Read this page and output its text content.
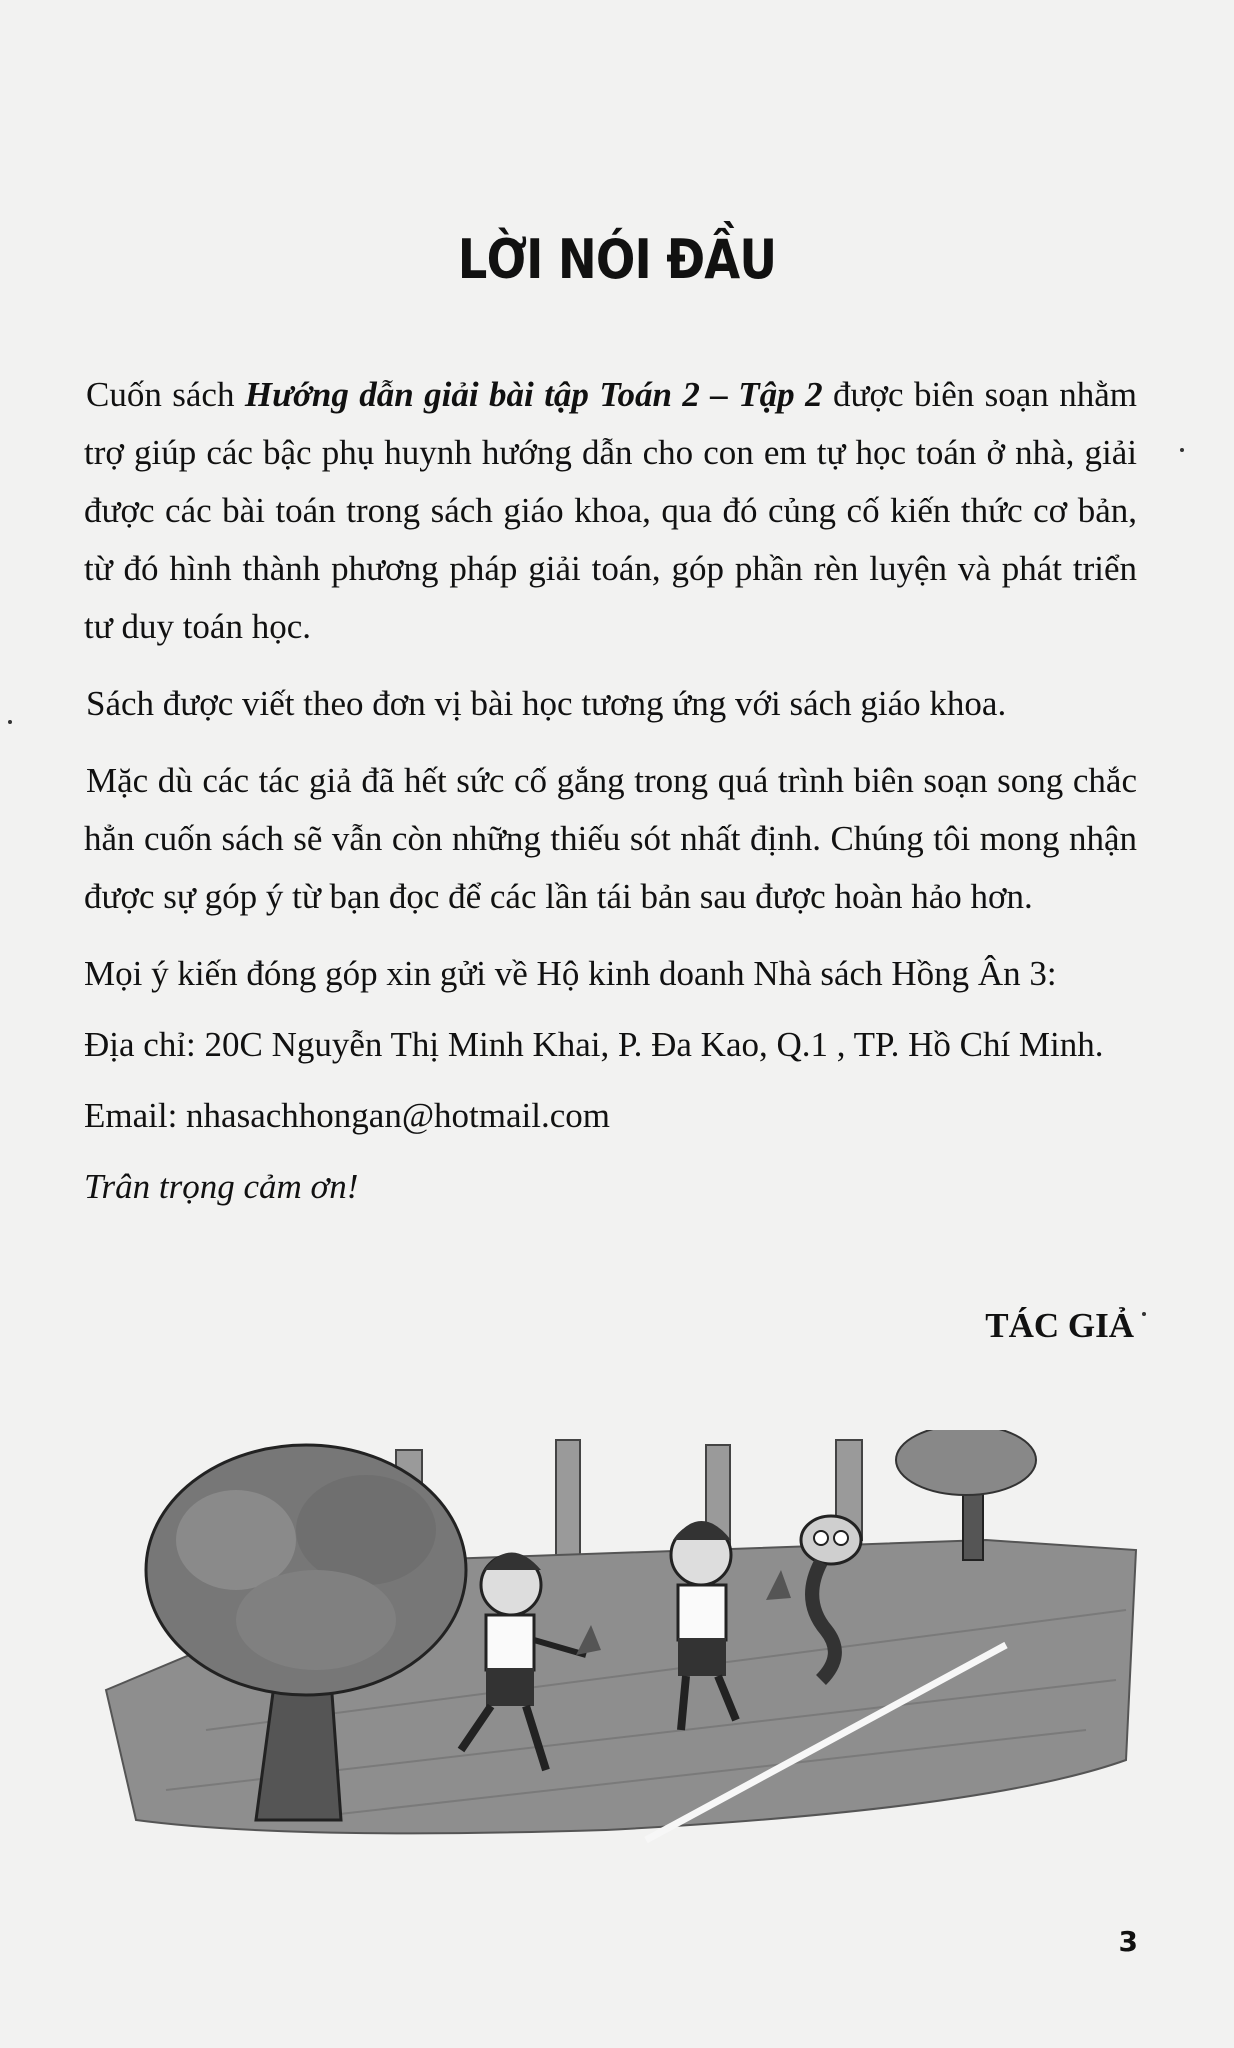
LỜI NÓI ĐẦU

Cuốn sách Hướng dẫn giải bài tập Toán 2 – Tập 2 được biên soạn nhằm trợ giúp các bậc phụ huynh hướng dẫn cho con em tự học toán ở nhà, giải được các bài toán trong sách giáo khoa, qua đó củng cố kiến thức cơ bản, từ đó hình thành phương pháp giải toán, góp phần rèn luyện và phát triển tư duy toán học.

Sách được viết theo đơn vị bài học tương ứng với sách giáo khoa.

Mặc dù các tác giả đã hết sức cố gắng trong quá trình biên soạn song chắc hẳn cuốn sách sẽ vẫn còn những thiếu sót nhất định. Chúng tôi mong nhận được sự góp ý từ bạn đọc để các lần tái bản sau được hoàn hảo hơn.

Mọi ý kiến đóng góp xin gửi về Hộ kinh doanh Nhà sách Hồng Ân 3:

Địa chỉ: 20C Nguyễn Thị Minh Khai, P. Đa Kao, Q.1 , TP. Hồ Chí Minh.

Email: nhasachhongan@hotmail.com

Trân trọng cảm ơn!

TÁC GIẢ
3
